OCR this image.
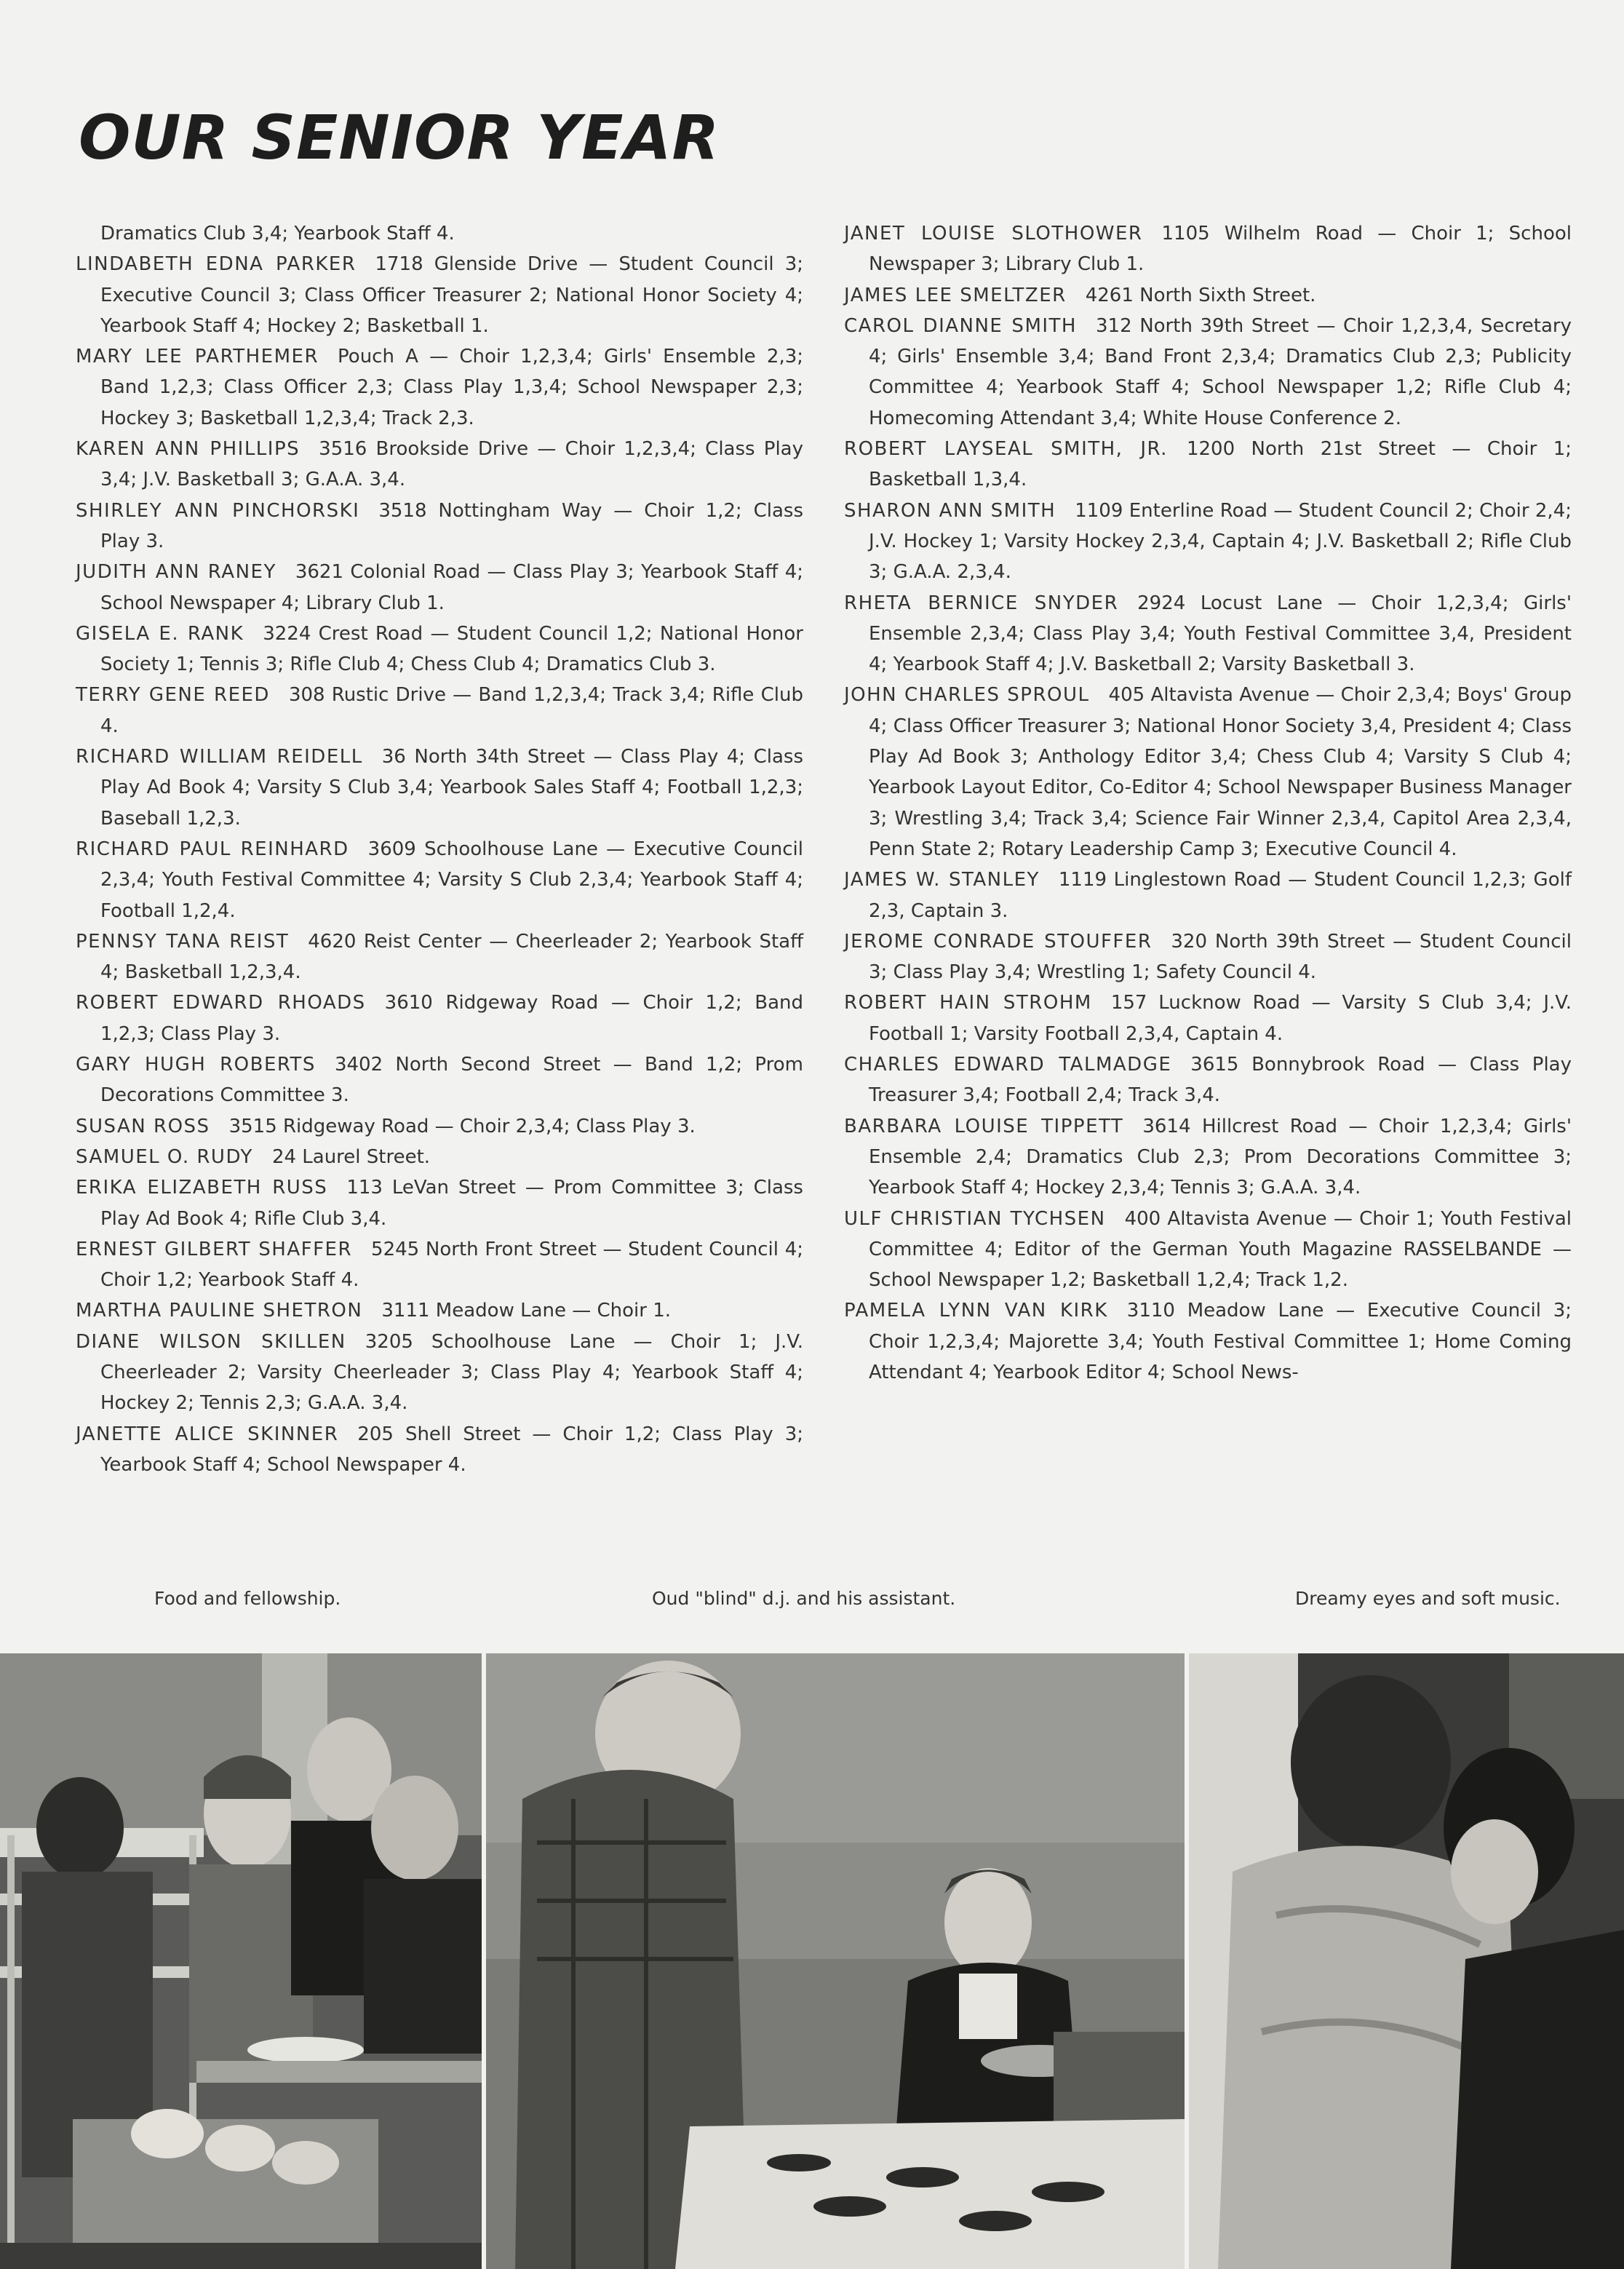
OUR SENIOR YEAR

Dramatics Club 3,4; Yearbook Staff 4.

LINDABETH EDNA PARKER  1718 Glenside Drive — Student Council 3; Executive Council 3; Class Officer Treasurer 2; National Honor Society 4; Yearbook Staff 4; Hockey 2; Basketball 1.

MARY LEE PARTHEMER  Pouch A — Choir 1,2,3,4; Girls' Ensemble 2,3; Band 1,2,3; Class Officer 2,3; Class Play 1,3,4; School Newspaper 2,3; Hockey 3; Basketball 1,2,3,4; Track 2,3.

KAREN ANN PHILLIPS  3516 Brookside Drive — Choir 1,2,3,4; Class Play 3,4; J.V. Basketball 3; G.A.A. 3,4.

SHIRLEY ANN PINCHORSKI  3518 Nottingham Way — Choir 1,2; Class Play 3.

JUDITH ANN RANEY  3621 Colonial Road — Class Play 3; Yearbook Staff 4; School Newspaper 4; Library Club 1.

GISELA E. RANK  3224 Crest Road — Student Council 1,2; National Honor Society 1; Tennis 3; Rifle Club 4; Chess Club 4; Dramatics Club 3.

TERRY GENE REED  308 Rustic Drive — Band 1,2,3,4; Track 3,4; Rifle Club 4.

RICHARD WILLIAM REIDELL  36 North 34th Street — Class Play 4; Class Play Ad Book 4; Varsity S Club 3,4; Yearbook Sales Staff 4; Football 1,2,3; Baseball 1,2,3.

RICHARD PAUL REINHARD  3609 Schoolhouse Lane — Executive Council 2,3,4; Youth Festival Committee 4; Varsity S Club 2,3,4; Yearbook Staff 4; Football 1,2,4.

PENNSY TANA REIST  4620 Reist Center — Cheerleader 2; Yearbook Staff 4; Basketball 1,2,3,4.

ROBERT EDWARD RHOADS  3610 Ridgeway Road — Choir 1,2; Band 1,2,3; Class Play 3.

GARY HUGH ROBERTS  3402 North Second Street — Band 1,2; Prom Decorations Committee 3.

SUSAN ROSS  3515 Ridgeway Road — Choir 2,3,4; Class Play 3.

SAMUEL O. RUDY  24 Laurel Street.

ERIKA ELIZABETH RUSS  113 LeVan Street — Prom Committee 3; Class Play Ad Book 4; Rifle Club 3,4.

ERNEST GILBERT SHAFFER  5245 North Front Street — Student Council 4; Choir 1,2; Yearbook Staff 4.

MARTHA PAULINE SHETRON  3111 Meadow Lane — Choir 1.

DIANE WILSON SKILLEN  3205 Schoolhouse Lane — Choir 1; J.V. Cheerleader 2; Varsity Cheerleader 3; Class Play 4; Yearbook Staff 4; Hockey 2; Tennis 2,3; G.A.A. 3,4.

JANETTE ALICE SKINNER  205 Shell Street — Choir 1,2; Class Play 3; Yearbook Staff 4; School Newspaper 4.

JANET LOUISE SLOTHOWER  1105 Wilhelm Road — Choir 1; School Newspaper 3; Library Club 1.

JAMES LEE SMELTZER  4261 North Sixth Street.

CAROL DIANNE SMITH  312 North 39th Street — Choir 1,2,3,4, Secretary 4; Girls' Ensemble 3,4; Band Front 2,3,4; Dramatics Club 2,3; Publicity Committee 4; Yearbook Staff 4; School Newspaper 1,2; Rifle Club 4; Homecoming Attendant 3,4; White House Conference 2.

ROBERT LAYSEAL SMITH, JR.  1200 North 21st Street — Choir 1; Basketball 1,3,4.

SHARON ANN SMITH  1109 Enterline Road — Student Council 2; Choir 2,4; J.V. Hockey 1; Varsity Hockey 2,3,4, Captain 4; J.V. Basketball 2; Rifle Club 3; G.A.A. 2,3,4.

RHETA BERNICE SNYDER  2924 Locust Lane — Choir 1,2,3,4; Girls' Ensemble 2,3,4; Class Play 3,4; Youth Festival Committee 3,4, President 4; Yearbook Staff 4; J.V. Basketball 2; Varsity Basketball 3.

JOHN CHARLES SPROUL  405 Altavista Avenue — Choir 2,3,4; Boys' Group 4; Class Officer Treasurer 3; National Honor Society 3,4, President 4; Class Play Ad Book 3; Anthology Editor 3,4; Chess Club 4; Varsity S Club 4; Yearbook Layout Editor, Co-Editor 4; School Newspaper Business Manager 3; Wrestling 3,4; Track 3,4; Science Fair Winner 2,3,4, Capitol Area 2,3,4, Penn State 2; Rotary Leadership Camp 3; Executive Council 4.

JAMES W. STANLEY  1119 Linglestown Road — Student Council 1,2,3; Golf 2,3, Captain 3.

JEROME CONRADE STOUFFER  320 North 39th Street — Student Council 3; Class Play 3,4; Wrestling 1; Safety Council 4.

ROBERT HAIN STROHM  157 Lucknow Road — Varsity S Club 3,4; J.V. Football 1; Varsity Football 2,3,4, Captain 4.

CHARLES EDWARD TALMADGE  3615 Bonnybrook Road — Class Play Treasurer 3,4; Football 2,4; Track 3,4.

BARBARA LOUISE TIPPETT  3614 Hillcrest Road — Choir 1,2,3,4; Girls' Ensemble 2,4; Dramatics Club 2,3; Prom Decorations Committee 3; Yearbook Staff 4; Hockey 2,3,4; Tennis 3; G.A.A. 3,4.

ULF CHRISTIAN TYCHSEN  400 Altavista Avenue — Choir 1; Youth Festival Committee 4; Editor of the German Youth Magazine RASSELBANDE — School Newspaper 1,2; Basketball 1,2,4; Track 1,2.

PAMELA LYNN VAN KIRK  3110 Meadow Lane — Executive Council 3; Choir 1,2,3,4; Majorette 3,4; Youth Festival Committee 1; Home Coming Attendant 4; Yearbook Editor 4; School News-

Food and fellowship.	Oud "blind" d.j. and his assistant.	Dreamy eyes and soft music.
